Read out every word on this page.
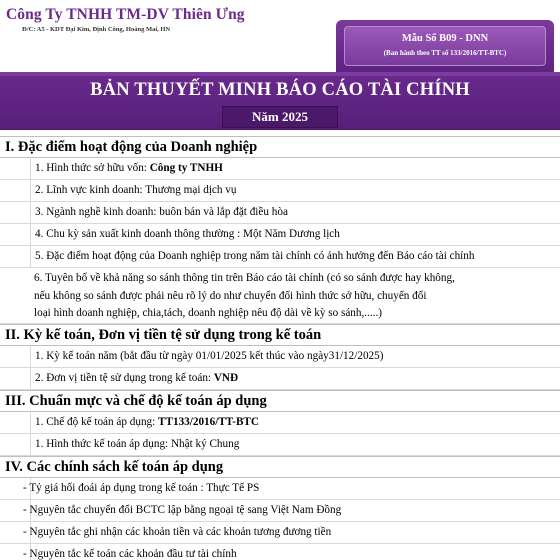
Công Ty TNHH TM-DV Thiên Ưng
Đ/C: A5 - KDT Đại Kim, Định Công, Hoàng Mai, HN
Mẫu Số B09 - DNN
(Ban hành theo TT số 133/2016/TT-BTC)
BẢN THUYẾT MINH BÁO CÁO TÀI CHÍNH
Năm 2025
I. Đặc điểm hoạt động của Doanh nghiệp
1. Hình thức sở hữu vốn: Công ty TNHH
2. Lĩnh vực kinh doanh: Thương mại dịch vụ
3. Ngành nghề kinh doanh: buôn bán và lắp đặt điều hòa
4. Chu kỳ sản xuất kinh doanh thông thường : Một Năm Dương lịch
5. Đặc điểm hoạt động của Doanh nghiệp trong năm tài chính có ảnh hưởng đến Báo cáo tài chính
6. Tuyên bố về khả năng so sánh thông tin trên Báo cáo tài chính (có so sánh được hay không,
nếu không so sánh được phải nêu rõ lý do như chuyển đổi hình thức sở hữu, chuyển đổi
loại hình doanh nghiệp, chia,tách, doanh nghiệp nêu độ dài về kỳ so sánh,.....)
II. Kỳ kế toán, Đơn vị tiền tệ sử dụng trong kế toán
1. Kỳ kế toán năm (bắt đầu từ ngày 01/01/2025 kết thúc vào ngày31/12/2025)
2. Đơn vị tiền tệ sử dụng trong kế toán: VNĐ
III. Chuẩn mực và chế độ kế toán áp dụng
1. Chế độ kế toán áp dụng: TT133/2016/TT-BTC
1. Hình thức kế toán áp dụng: Nhật ký Chung
IV. Các chính sách kế toán áp dụng
- Tỷ giá hối đoái áp dụng trong kế toán : Thực Tế PS
- Nguyên tắc chuyển đổi BCTC lập bằng ngoại tệ sang Việt Nam Đồng
- Nguyên tắc ghi nhận các khoản tiền và các khoản tương đương tiền
- Nguyên tắc kế toán các khoản đầu tư tài chính
